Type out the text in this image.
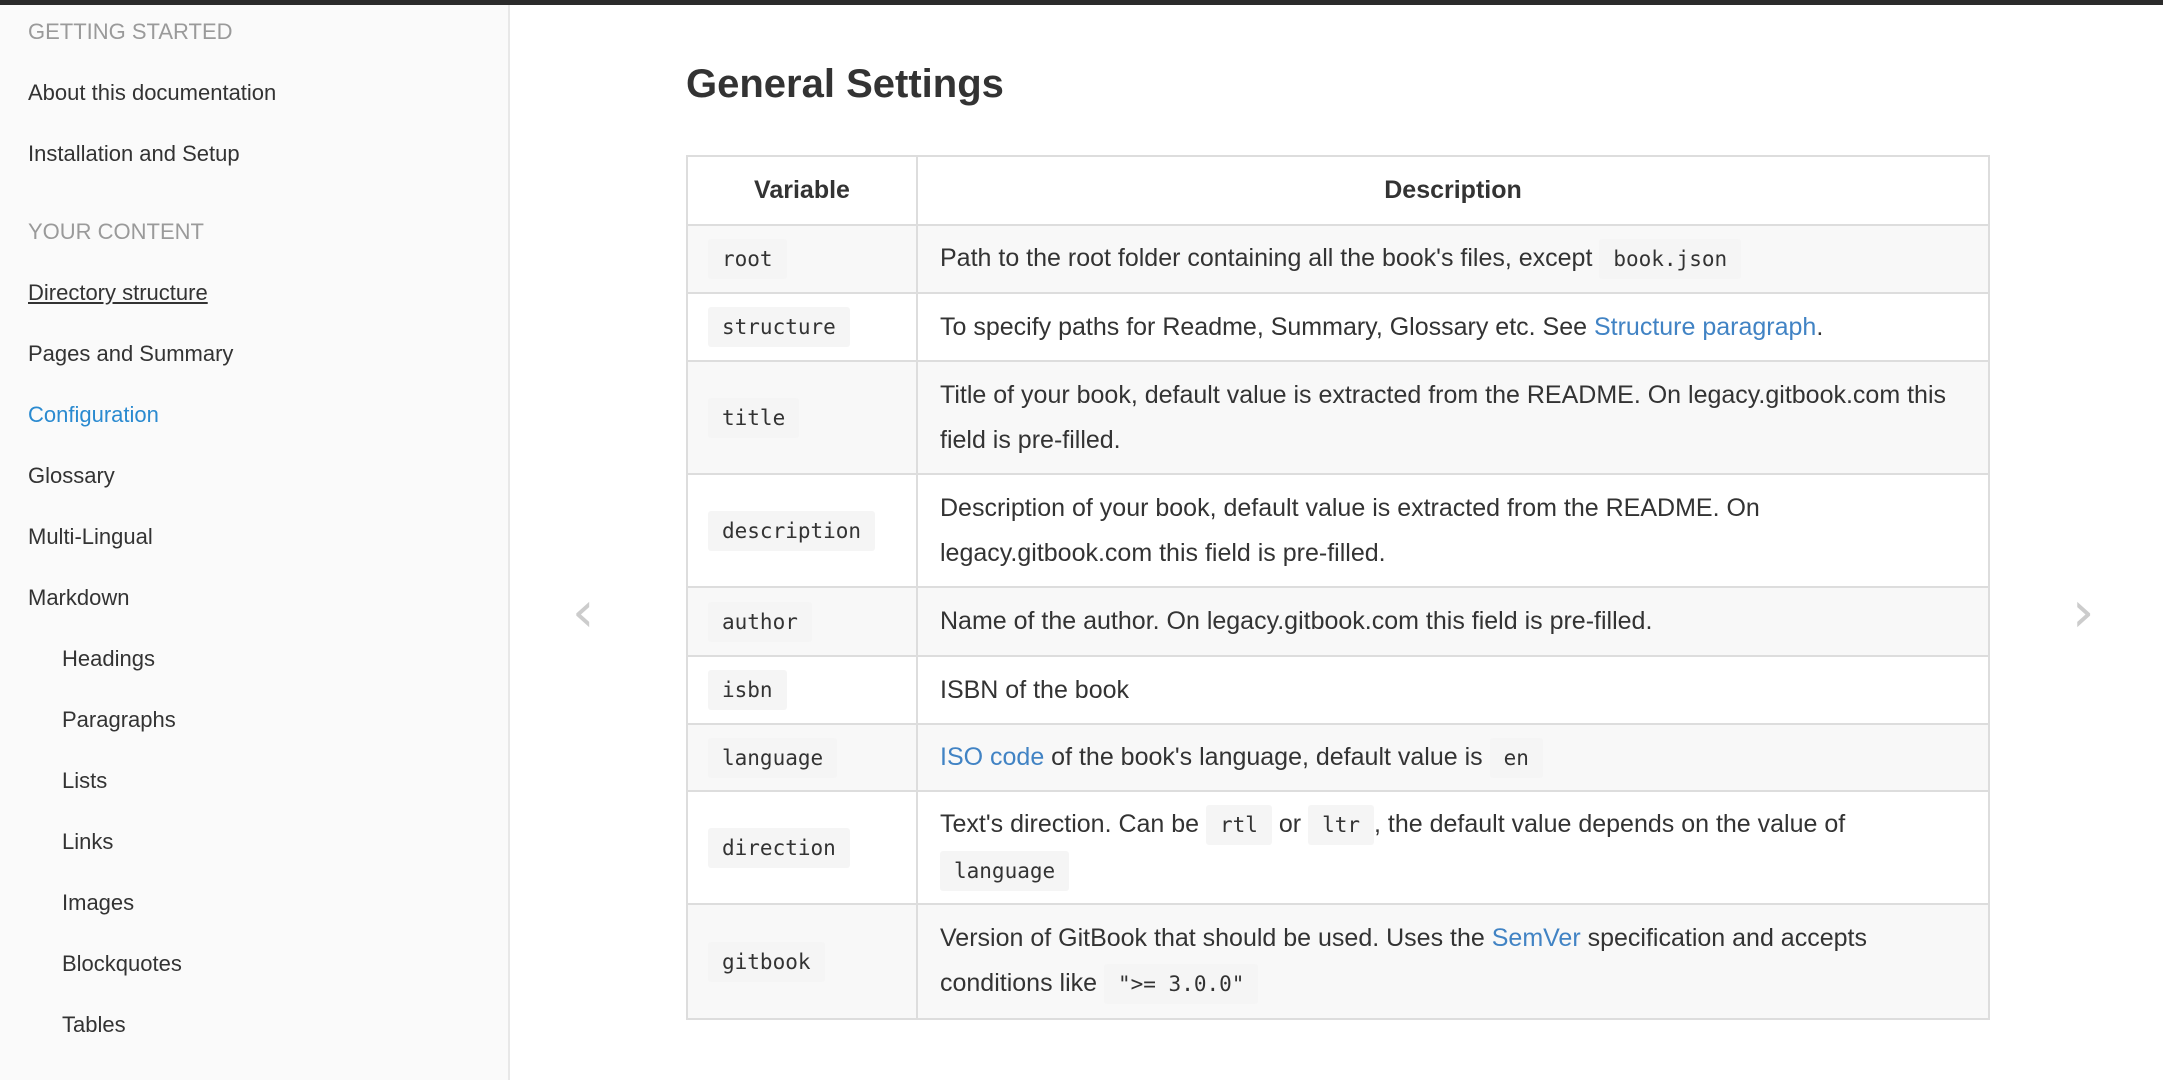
GETTING STARTED
About this documentation
Installation and Setup
YOUR CONTENT
Directory structure
Pages and Summary
Configuration
Glossary
Multi-Lingual
Markdown
Headings
Paragraphs
Lists
Links
Images
Blockquotes
Tables
General Settings
‹	›
Variable	Description
root	Path to the root folder containing all the book's files, except book.json
structure	To specify paths for Readme, Summary, Glossary etc. See Structure paragraph.
title	Title of your book, default value is extracted from the README. On legacy.gitbook.com this field is pre-filled.
description	Description of your book, default value is extracted from the README. On legacy.gitbook.com this field is pre-filled.
author	Name of the author. On legacy.gitbook.com this field is pre-filled.
isbn	ISBN of the book
language	ISO code of the book's language, default value is en
direction	Text's direction. Can be rtl or ltr , the default value depends on the value of language
gitbook	Version of GitBook that should be used. Uses the SemVer specification and accepts conditions like ">= 3.0.0"
